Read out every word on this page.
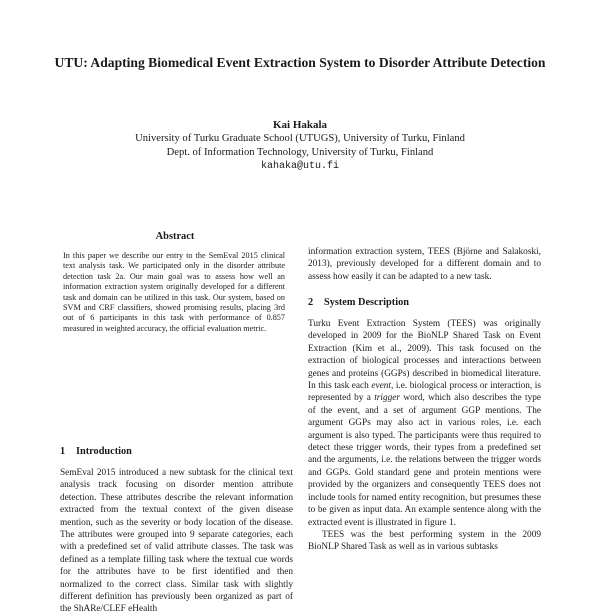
UTU: Adapting Biomedical Event Extraction System to Disorder Attribute Detection
Kai Hakala
University of Turku Graduate School (UTUGS), University of Turku, Finland
Dept. of Information Technology, University of Turku, Finland
kahaka@utu.fi
Abstract
In this paper we describe our entry to the SemEval 2015 clinical text analysis task. We participated only in the disorder attribute detection task 2a. Our main goal was to assess how well an information extraction system originally developed for a different task and domain can be utilized in this task. Our system, based on SVM and CRF classifiers, showed promising results, placing 3rd out of 6 participants in this task with performance of 0.857 measured in weighted accuracy, the official evaluation metric.
1 Introduction
SemEval 2015 introduced a new subtask for the clinical text analysis track focusing on disorder mention attribute detection. These attributes describe the relevant information extracted from the textual context of the given disease mention, such as the severity or body location of the disease. The attributes were grouped into 9 separate categories, each with a predefined set of valid attribute classes. The task was defined as a template filling task where the textual cue words for the attributes have to be first identified and then normalized to the correct class. Similar task with slightly different definition has previously been organized as part of the ShARe/CLEF eHealth
information extraction system, TEES (Björne and Salakoski, 2013), previously developed for a different domain and to assess how easily it can be adapted to a new task.
2 System Description

Turku Event Extraction System (TEES) was originally developed in 2009 for the BioNLP Shared Task on Event Extraction (Kim et al., 2009). This task focused on the extraction of biological processes and interactions between genes and proteins (GGPs) described in biomedical literature. In this task each event, i.e. biological process or interaction, is represented by a trigger word, which also describes the type of the event, and a set of argument GGP mentions. The argument GGPs may also act in various roles, i.e. each argument is also typed. The participants were thus required to detect these trigger words, their types from a predefined set and the arguments, i.e. the relations between the trigger words and GGPs. Gold standard gene and protein mentions were provided by the organizers and consequently TEES does not include tools for named entity recognition, but presumes these to be given as input data. An example sentence along with the extracted event is illustrated in figure 1.

TEES was the best performing system in the 2009 BioNLP Shared Task as well as in various subtasks
